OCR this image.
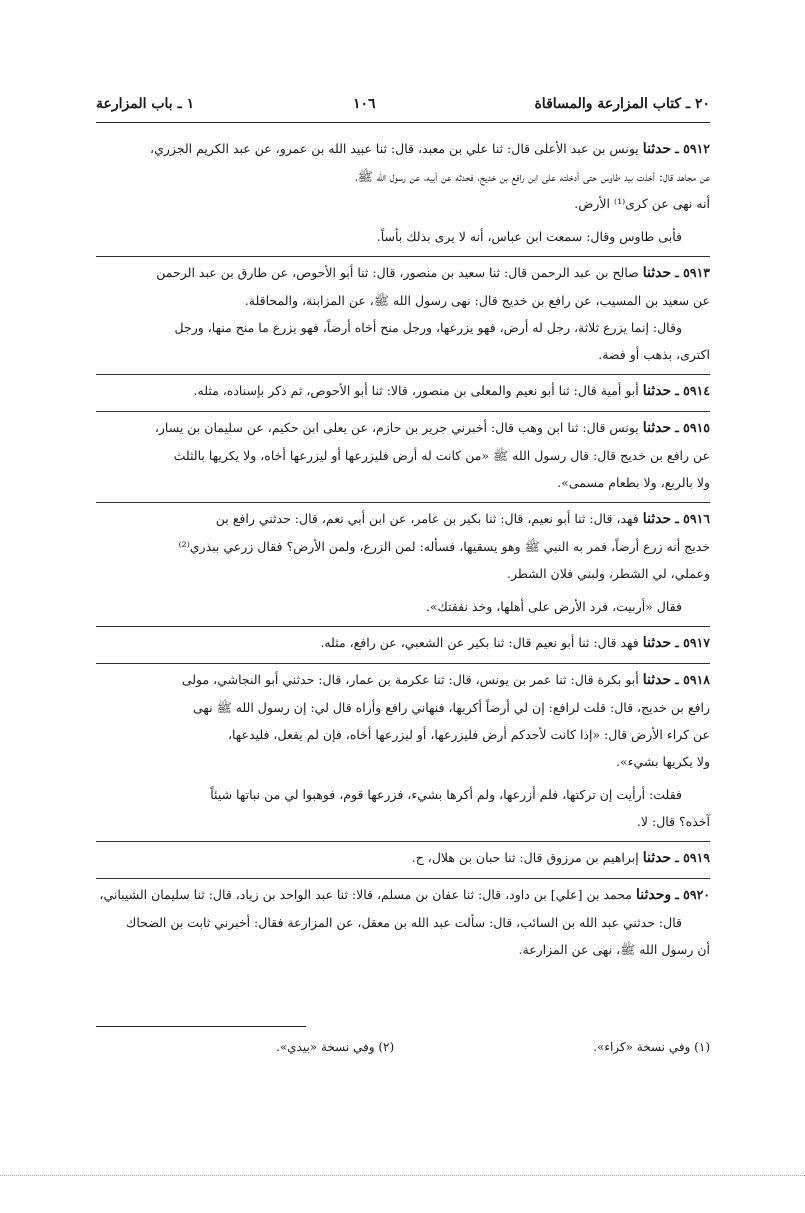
٢٠ ـ كتاب المزارعة والمساقاة
١٠٦
١ ـ باب المزارعة

٥٩١٢ ـ حدثنا يونس بن عبد الأعلى قال: ثنا علي بن معبد، قال: ثنا عبيد الله بن عمرو، عن عبد الكريم الجزري،

عن مجاهد قال: أخذت بيد طاوس حتى أدخلته على ابن رافع بن خديج، فحدثه عن أبيه، عن رسول الله ﷺ،

أنه نهى عن كرى⁽¹⁾ الأرض.

فأبى طاوس وقال: سمعت ابن عباس، أنه لا يرى بذلك بأساً.

٥٩١٣ ـ حدثنا صالح بن عبد الرحمن قال: ثنا سعيد بن منصور، قال: ثنا أبو الأحوص، عن طارق بن عبد الرحمن

عن سعيد بن المسيب، عن رافع بن خديج قال: نهى رسول الله ﷺ، عن المزابنة، والمحاقلة.

وقال: إنما يزرع ثلاثة، رجل له أرض، فهو يزرعها، ورجل منح أخاه أرضاً، فهو يزرع ما منح منها، ورجل

اكترى، بذهب أو فضة.

٥٩١٤ ـ حدثنا أبو أمية قال: ثنا أبو نعيم والمعلى بن منصور، قالا: ثنا أبو الأحوص، ثم ذكر بإسناده، مثله.

٥٩١٥ ـ حدثنا يونس قال: ثنا ابن وهب قال: أخبرني جرير بن حازم، عن يعلى ابن حكيم، عن سليمان بن يسار،

عن رافع بن خديج قال: قال رسول الله ﷺ «من كانت له أرض فليزرعها أو ليزرعها أخاه، ولا يكريها بالثلث

ولا بالربع، ولا بطعام مسمى».

٥٩١٦ ـ حدثنا فهد، قال: ثنا أبو نعيم، قال: ثنا بكير بن عامر، عن ابن أبي نعم، قال: حدثني رافع بن

خديج أنه زرع أرضاً، فمر به النبي ﷺ وهو يسقيها، فسأله: لمن الزرع، ولمن الأرض؟ فقال زرعي ببذري⁽²⁾

وعملي، لي الشطر، ولبني فلان الشطر.

فقال «أربيت، فرد الأرض على أهلها، وخذ نفقتك».

٥٩١٧ ـ حدثنا فهد قال: ثنا أبو نعيم قال: ثنا بكير عن الشعبي، عن رافع، مثله.

٥٩١٨ ـ حدثنا أبو بكرة قال: ثنا عمر بن يونس، قال: ثنا عكرمة بن عمار، قال: حدثني أبو النجاشي، مولى

رافع بن خديج، قال: قلت لرافع: إن لي أرضاً أكريها، فنهاني رافع وأراه قال لي: إن رسول الله ﷺ نهى

عن كراء الأرض قال: «إذا كانت لأحدكم أرض فليزرعها، أو ليزرعها أخاه، فإن لم يفعل، فليدعها،

ولا يكريها بشيء».

فقلت: أرأيت إن تركتها، فلم أزرعها، ولم أكرها بشيء، فزرعها قوم، فوهبوا لي من نباتها شيئاً

آخذه؟ قال: لا.

٥٩١٩ ـ حدثنا إبراهيم بن مرزوق قال: ثنا حبان بن هلال، ح.

٥٩٢٠ ـ وحدثنا محمد بن [علي] بن داود، قال: ثنا عفان بن مسلم، قالا: ثنا عبد الواحد بن زياد، قال: ثنا سليمان الشيباني،

قال: حدثني عبد الله بن السائب، قال: سألت عبد الله بن معقل، عن المزارعة فقال: أخبرني ثابت بن الضحاك

أن رسول الله ﷺ، نهى عن المزارعة.

(١) وفي نسخة «كراء».
(٢) وفي نسخة «بيدي».
